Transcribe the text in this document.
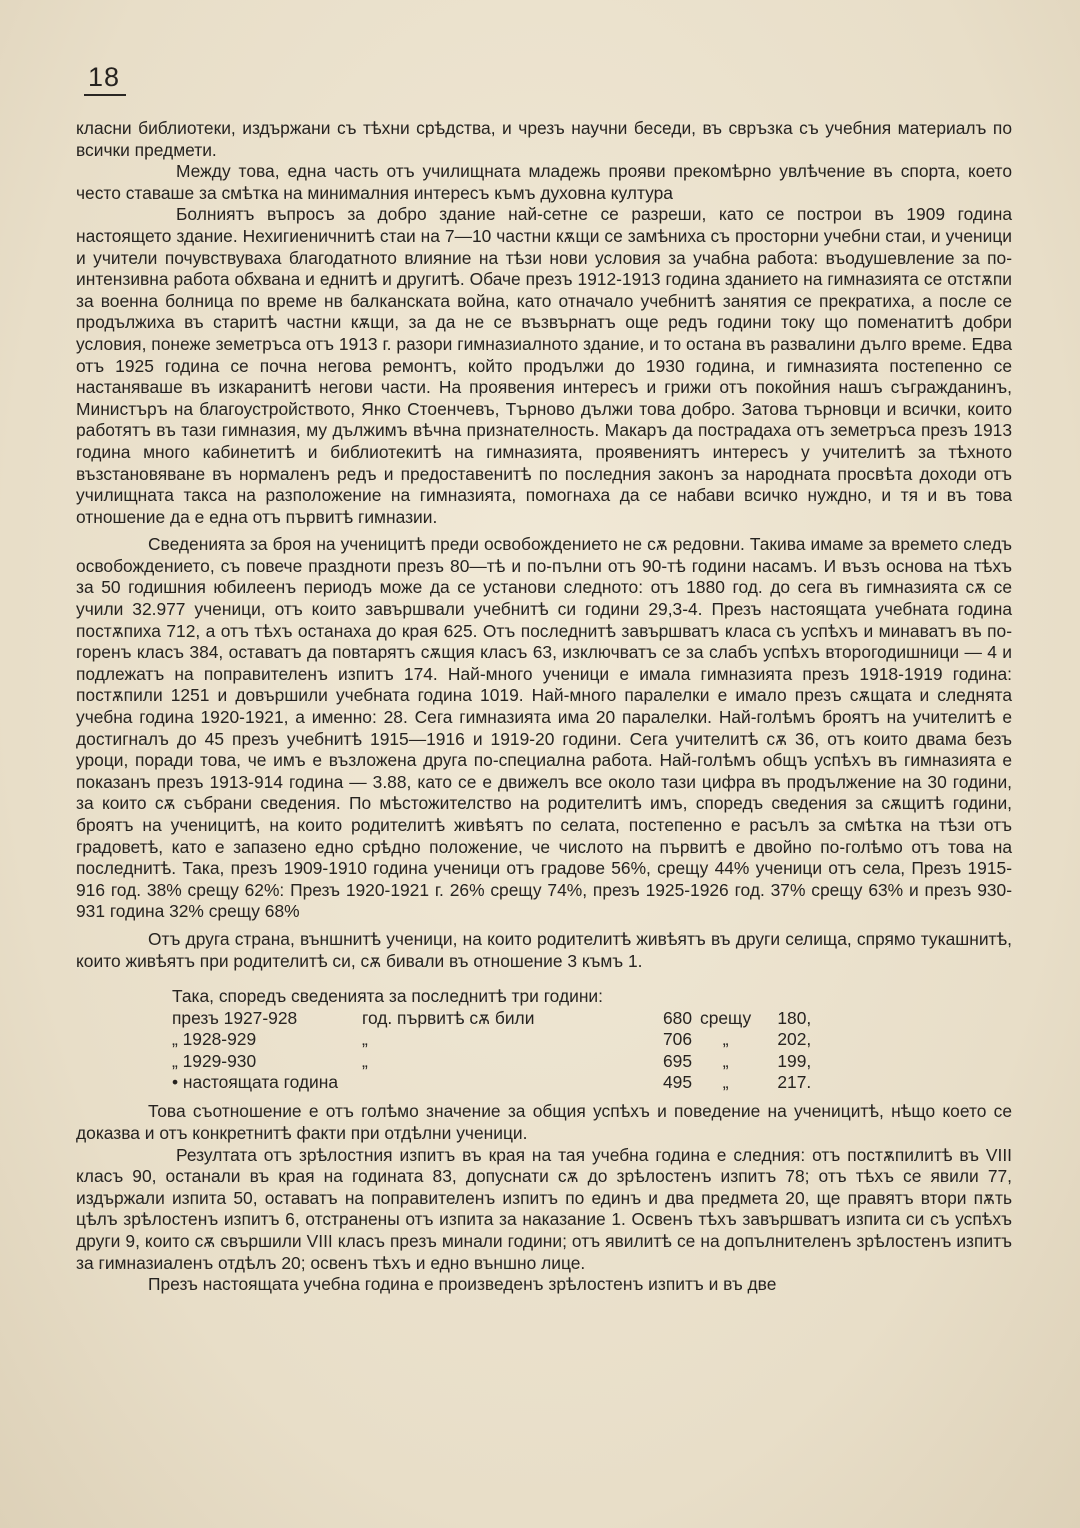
18

класни библиотеки, издържани съ тѣхни срѣдства, и чрезъ научни беседи, въ свръзка съ учебния материалъ по всички предмети.

Между това, една часть отъ училищната младежь прояви прекомѣрно увлѣчение въ спорта, което често ставаше за смѣтка на минималния интересъ къмъ духовна култура

Болниятъ въпросъ за добро здание най-сетне се разреши, като се построи въ 1909 година настоящето здание. Нехигиеничнитѣ стаи на 7—10 частни кѫщи се замѣниха съ просторни учебни стаи, и ученици и учители почувствуваха благодатното влияние на тѣзи нови условия за учабна работа: въодушевление за по-интензивна работа обхвана и еднитѣ и другитѣ. Обаче презъ 1912-1913 година зданието на гимназията се отстѫпи за военна болница по време нв балканската война, като отначало учебнитѣ занятия се прекратиха, а после се продължиха въ старитѣ частни кѫщи, за да не се възвърнатъ още редъ години току що поменатитѣ добри условия, понеже земетръса отъ 1913 г. разори гимназиалното здание, и то остана въ развалини дълго време. Едва отъ 1925 година се почна негова ремонтъ, който продължи до 1930 година, и гимназията постепенно се настаняваше въ изкаранитѣ негови части. На проявения интересъ и грижи отъ покойния нашъ съгражданинъ, Министъръ на благоустройството, Янко Стоенчевъ, Търново дължи това добро. Затова търновци и всички, които работятъ въ тази гимназия, му дължимъ вѣчна признателность. Макаръ да пострадаха отъ земетръса презъ 1913 година много кабинетитѣ и библиотекитѣ на гимназията, проявениятъ интересъ у учителитѣ за тѣхното възстановяване въ нормаленъ редъ и предоставенитѣ по последния законъ за народната просвѣта доходи отъ училищната такса на разположение на гимназията, помогнаха да се набави всичко нуждно, и тя и въ това отношение да е една отъ първитѣ гимназии.

Сведенията за броя на ученицитѣ преди освобождението не сѫ редовни. Такива имаме за времето следъ освобождението, съ повече праздноти презъ 80—тѣ и по-пълни отъ 90-тѣ години насамъ. И възъ основа на тѣхъ за 50 годишния юбилеенъ периодъ може да се установи следното: отъ 1880 год. до сега въ гимназията сѫ се учили 32.977 ученици, отъ които завършвали учебнитѣ си години 29,3-4. Презъ настоящата учебната година постѫпиха 712, а отъ тѣхъ останаха до края 625. Отъ последнитѣ завършватъ класа съ успѣхъ и минаватъ въ по-горенъ класъ 384, оставатъ да повтарятъ сѫщия класъ 63, изключватъ се за слабъ успѣхъ второгодишници — 4 и подлежатъ на поправителенъ изпитъ 174. Най-много ученици е имала гимназията презъ 1918-1919 година: постѫпили 1251 и довършили учебната година 1019. Най-много паралелки е имало презъ сѫщата и следнята учебна година 1920-1921, а именно: 28. Сега гимназията има 20 паралелки. Най-голѣмъ броятъ на учителитѣ е достигналъ до 45 презъ учебнитѣ 1915—1916 и 1919-20 години. Сега учителитѣ сѫ 36, отъ които двама безъ уроци, поради това, че имъ е възложена друга по-специална работа. Най-голѣмъ общъ успѣхъ въ гимназията е показанъ презъ 1913-914 година — 3.88, като се е движелъ все около тази цифра въ продължение на 30 години, за които сѫ събрани сведения. По мѣстожителство на родителитѣ имъ, споредъ сведения за сѫщитѣ години, броятъ на ученицитѣ, на които родителитѣ живѣятъ по селата, постепенно е расълъ за смѣтка на тѣзи отъ градоветѣ, като е запазено едно срѣдно положение, че числото на първитѣ е двойно по-голѣмо отъ това на последнитѣ. Така, презъ 1909-1910 година ученици отъ градове 56%, срещу 44% ученици отъ села, Презъ 1915-916 год. 38% срещу 62%: Презъ 1920-1921 г. 26% срещу 74%, презъ 1925-1926 год. 37% срещу 63% и презъ 930-931 година 32% срещу 68%

Отъ друга страна, външнитѣ ученици, на които родителитѣ живѣятъ въ други селища, спрямо тукашнитѣ, които живѣятъ при родителитѣ си, сѫ бивали въ отношение 3 къмъ 1.

Така, споредъ сведенията за последнитѣ три години:
презъ 1927-928	год. първитѣ сѫ били	680	срещу	180,
„ 1928-929	„	706	„	202,
„ 1929-930	„	695	„	199,
• настоящата година		495	„	217.

Това съотношение е отъ голѣмо значение за общия успѣхъ и поведение на ученицитѣ, нѣщо което се доказва и отъ конкретнитѣ факти при отдѣлни ученици.

Резултата отъ зрѣлостния изпитъ въ края на тая учебна година е следния: отъ постѫпилитѣ въ VIII класъ 90, останали въ края на годината 83, допуснати сѫ до зрѣлостенъ изпитъ 78; отъ тѣхъ се явили 77, издържали изпита 50, оставатъ на поправителенъ изпитъ по единъ и два предмета 20, ще правятъ втори пѫть цѣлъ зрѣлостенъ изпитъ 6, отстранены отъ изпита за наказание 1. Освенъ тѣхъ завършватъ изпита си съ успѣхъ други 9, които сѫ свършили VIII класъ презъ минали години; отъ явилитѣ се на допълнителенъ зрѣлостенъ изпитъ за гимназиаленъ отдѣлъ 20; освенъ тѣхъ и едно външно лице.

Презъ настоящата учебна година е произведенъ зрѣлостенъ изпитъ и въ две
